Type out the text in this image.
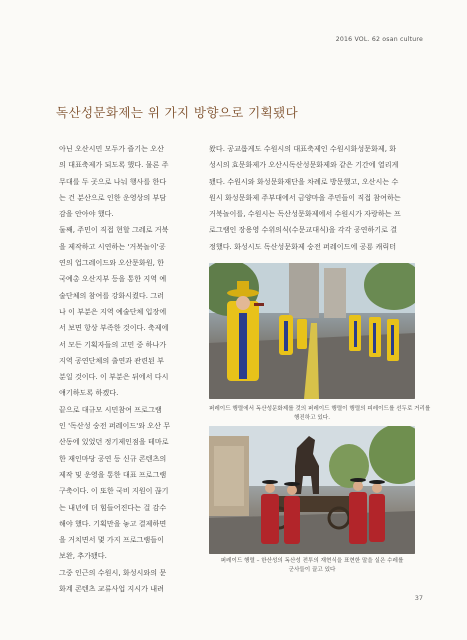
2016 VOL. 62 osan culture
독산성문화제는 위 가지 방향으로 기획됐다

아닌 오산시민 모두가 즐기는 오산

의 대표축제가 되도록 했다. 물론 주

무대를 두 곳으로 나눠 행사를 한다

는 건 분산으로 인한 운영상의 부담

감을 안아야 했다.

둘째, 주민이 직접 현할 그레로 거북

을 제작하고 시연하는 '거북놀이'공

연의 업그레이드와 오산문화원, 한

국예총 오산지부 등을 통한 지역 예

술단체의 참여를 강화시켰다. 그러

나 이 부분은 지역 예술단체 입장에

서 보면 항상 부족한 것이다. 축제에

서 모든 기획자들의 고민 중 하나가

지역 공연단체의 출연과 관련된 부

분일 것이다. 이 부분은 뒤에서 다시

얘기하도록 하겠다.

끝으로 대규모 시민참여 프로그램

인 '독산성 숭전 퍼레이드'와 오산 무

산동에 있었던 정기제인점을 테마로

한 재인마당 공연 등 신규 콘텐츠의

제작 및 운영을 통한 대표 프로그램

구축이다. 이 또한 국비 지원이 끊기

는 내년에 더 힘들어진다는 걸 감수

해야 했다. 기획만을 놓고 결제하면

을 거치면서 몇 가지 프로그램들이

보완, 추가됐다.

그중 인근의 수원시, 화성시와의 문

화계 콘텐츠 교류사업 지시가 내려

왔다. 공교롭게도 수원시의 대표축제인 수원시화성문화제, 화

성시의 효문화제가 오산시독산성문화제와 같은 기간에 열리게

됐다. 수원시와 화성문화재단을 차례로 방문했고, 오산시는 수

원시 화성문화제 주부대에서 금양마을 주민들이 직접 참여하는

거북놀이를, 수원시는 독산성문화제에서 수원시가 자랑하는 프

로그램인 장용영 수위의식(수문교대식)을 각각 공연하기로 결

정했다. 화성시도 독산성문화제 숭전 퍼레이드에 공룡 캐릭터

퍼레이드 행렬에서 독산성문화제를 것의 퍼레이드 행렬이 행렬의 피레이드를 선두로 거리를
행진하고 있다.
퍼레이드 행렬 – 한산성의 독산성 전투의 재현식을 표현한 말을 실은 수레를
군사들이 끌고 있다
37
